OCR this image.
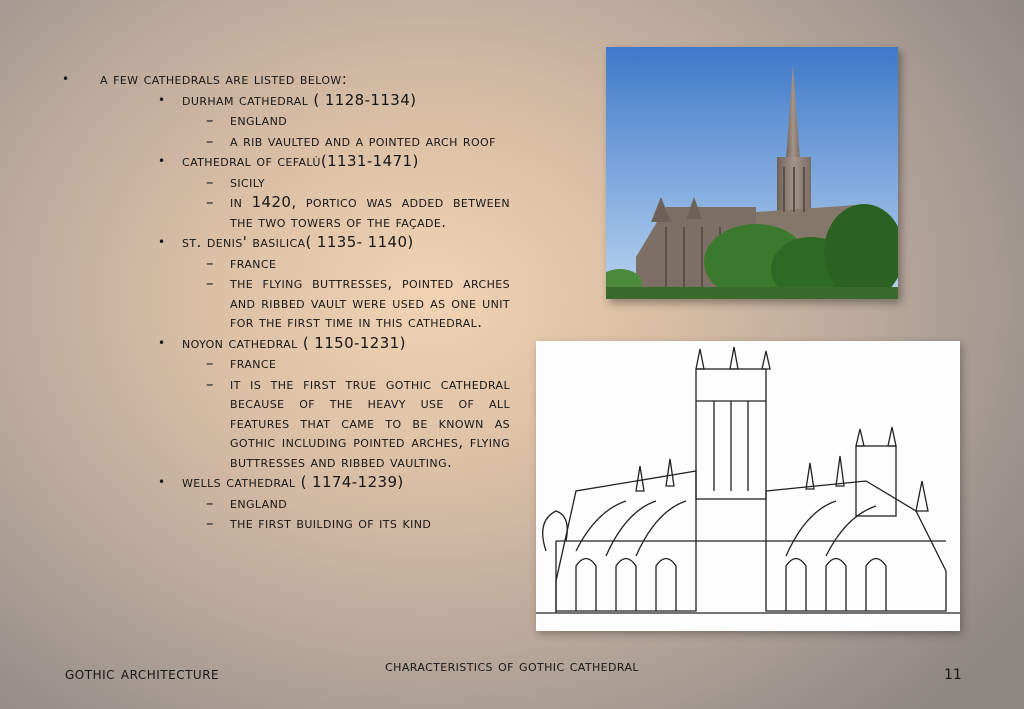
• a few cathedrals are listed below:
• durham cathedral ( 1128-1134)
– england
– a rib vaulted and a pointed arch roof
• cathedral of cefalù(1131-1471)
– sicily
– in 1420, portico was added between the two towers of the façade.
• st. denis' basilica( 1135- 1140)
– france
– the flying buttresses, pointed arches and ribbed vault were used as one unit for the first time in this cathedral.
• noyon cathedral ( 1150-1231)
– france
– it is the first true gothic cathedral because of the heavy use of all features that came to be known as gothic including pointed arches, flying buttresses and ribbed vaulting.
• wells cathedral ( 1174-1239)
– england
– the first building of its kind
gothic architecture	characteristics of gothic cathedral	11
